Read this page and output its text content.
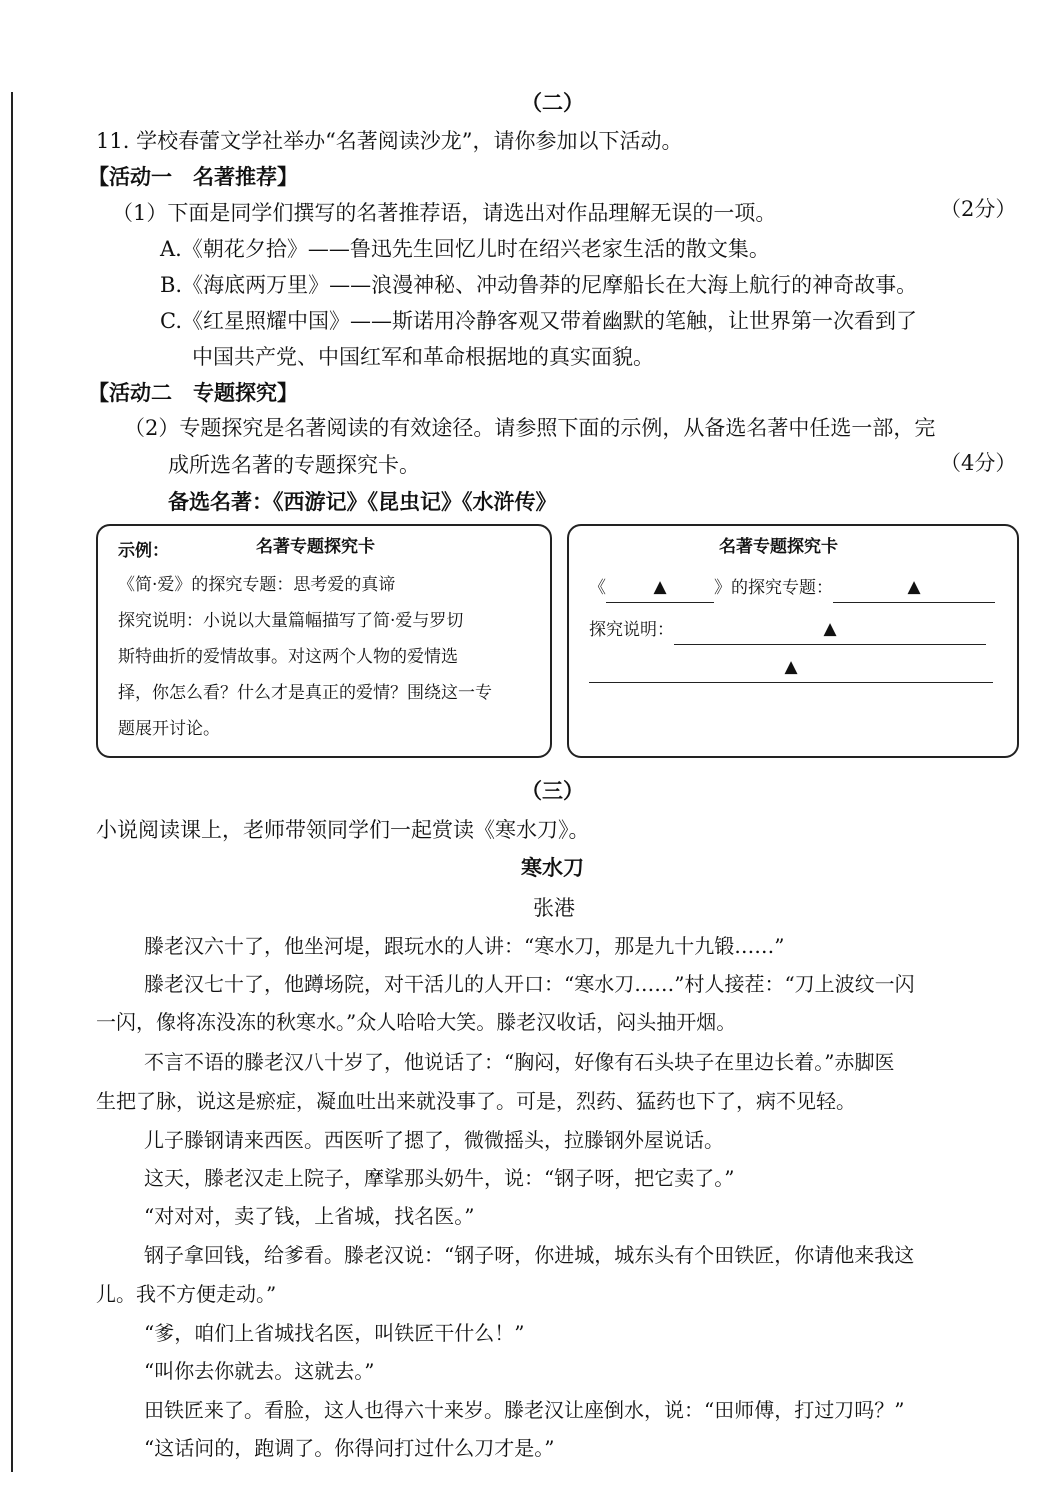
（二）
11. 学校春蕾文学社举办“名著阅读沙龙”，请你参加以下活动。
【活动一　名著推荐】
（1）下面是同学们撰写的名著推荐语，请选出对作品理解无误的一项。	（2分）
A.《朝花夕拾》——鲁迅先生回忆儿时在绍兴老家生活的散文集。
B.《海底两万里》——浪漫神秘、冲动鲁莽的尼摩船长在大海上航行的神奇故事。
C.《红星照耀中国》——斯诺用冷静客观又带着幽默的笔触，让世界第一次看到了
中国共产党、中国红军和革命根据地的真实面貌。
【活动二　专题探究】
（2）专题探究是名著阅读的有效途径。请参照下面的示例，从备选名著中任选一部，完
成所选名著的专题探究卡。	（4分）
备选名著：《西游记》《昆虫记》《水浒传》
示例：	名著专题探究卡
《简·爱》的探究专题：思考爱的真谛
探究说明：小说以大量篇幅描写了简·爱与罗切
斯特曲折的爱情故事。对这两个人物的爱情选
择，你怎么看？什么才是真正的爱情？围绕这一专
题展开讨论。
名著专题探究卡
《	▲	》的探究专题：	▲
探究说明：	▲
▲
（三）
小说阅读课上，老师带领同学们一起赏读《寒水刀》。
寒水刀
张港
滕老汉六十了，他坐河堤，跟玩水的人讲：“寒水刀，那是九十九锻……”
滕老汉七十了，他蹲场院，对干活儿的人开口：“寒水刀……”村人接茬：“刀上波纹一闪
一闪，像将冻没冻的秋寒水。”众人哈哈大笑。滕老汉收话，闷头抽开烟。
不言不语的滕老汉八十岁了，他说话了：“胸闷，好像有石头块子在里边长着。”赤脚医
生把了脉，说这是瘀症，凝血吐出来就没事了。可是，烈药、猛药也下了，病不见轻。
儿子滕钢请来西医。西医听了摁了，微微摇头，拉滕钢外屋说话。
这天，滕老汉走上院子，摩挲那头奶牛，说：“钢子呀，把它卖了。”
“对对对，卖了钱，上省城，找名医。”
钢子拿回钱，给爹看。滕老汉说：“钢子呀，你进城，城东头有个田铁匠，你请他来我这
儿。我不方便走动。”
“爹，咱们上省城找名医，叫铁匠干什么！”
“叫你去你就去。这就去。”
田铁匠来了。看脸，这人也得六十来岁。滕老汉让座倒水，说：“田师傅，打过刀吗？”
“这话问的，跑调了。你得问打过什么刀才是。”
